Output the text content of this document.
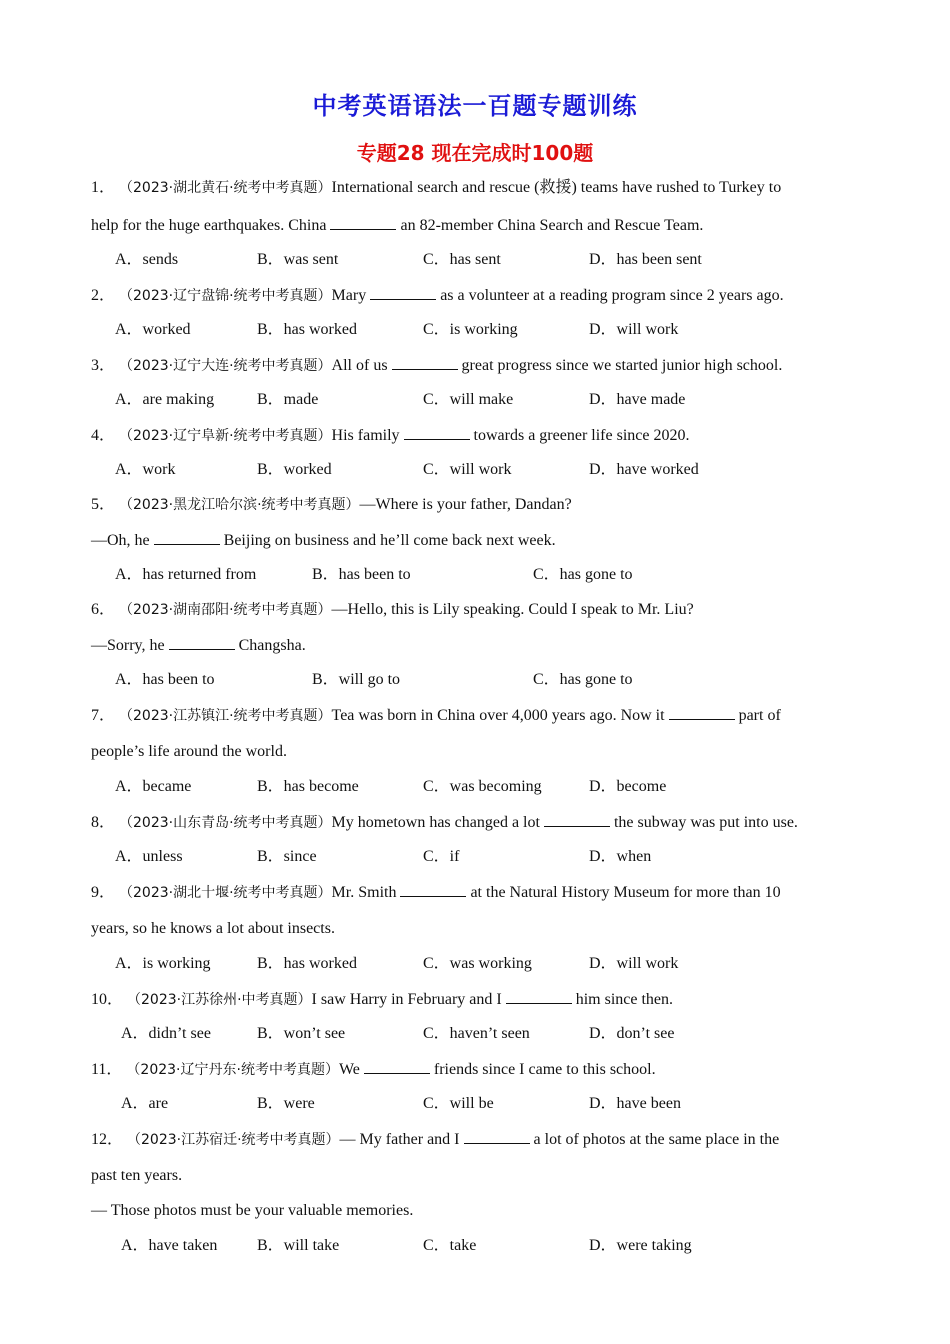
中考英语语法一百题专题训练
专题28 现在完成时100题
1． （2023·湖北黄石·统考中考真题）International search and rescue (救援) teams have rushed to Turkey to
help for the huge earthquakes. China	an 82-member China Search and Rescue Team.
A．sends	B．was sent	C．has sent	D．has been sent
2． （2023·辽宁盘锦·统考中考真题）Mary	as a volunteer at a reading program since 2 years ago.
A．worked	B．has worked	C．is working	D．will work
3． （2023·辽宁大连·统考中考真题）All of us	great progress since we started junior high school.
A．are making	B．made	C．will make	D．have made
4． （2023·辽宁阜新·统考中考真题）His family	towards a greener life since 2020.
A．work	B．worked	C．will work	D．have worked
5． （2023·黑龙江哈尔滨·统考中考真题）—Where is your father, Dandan?
—Oh, he	Beijing on business and he’ll come back next week.
A．has returned from	B．has been to	C．has gone to
6． （2023·湖南邵阳·统考中考真题）—Hello, this is Lily speaking. Could I speak to Mr. Liu?
—Sorry, he	Changsha.
A．has been to	B．will go to	C．has gone to
7． （2023·江苏镇江·统考中考真题）Tea was born in China over 4,000 years ago. Now it	part of
people’s life around the world.
A．became	B．has become	C．was becoming	D．become
8． （2023·山东青岛·统考中考真题）My hometown has changed a lot	the subway was put into use.
A．unless	B．since	C．if	D．when
9． （2023·湖北十堰·统考中考真题）Mr. Smith	at the Natural History Museum for more than 10
years, so he knows a lot about insects.
A．is working	B．has worked	C．was working	D．will work
10． （2023·江苏徐州·中考真题）I saw Harry in February and I	him since then.
A．didn’t see	B．won’t see	C．haven’t seen	D．don’t see
11． （2023·辽宁丹东·统考中考真题）We	friends since I came to this school.
A．are	B．were	C．will be	D．have been
12． （2023·江苏宿迁·统考中考真题）— My father and I	a lot of photos at the same place in the
past ten years.
— Those photos must be your valuable memories.
A．have taken B．will take	C．take	D．were taking
